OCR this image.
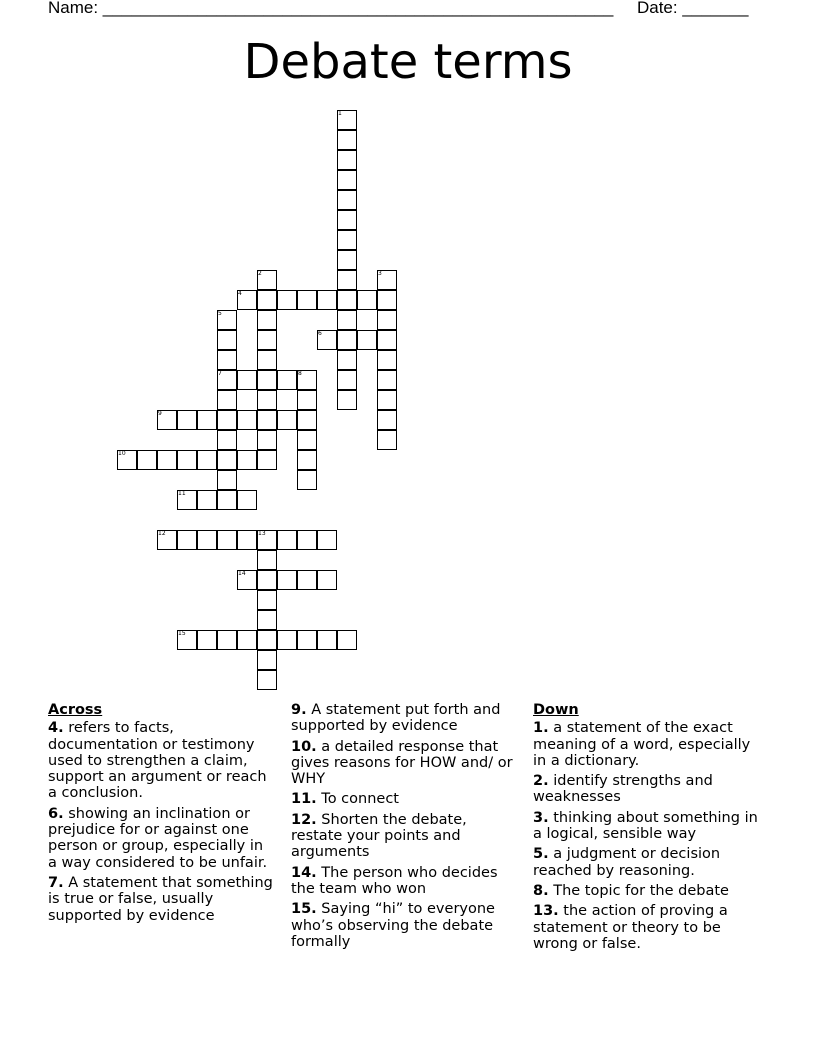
Name: ______________________________________________________     Date: _______
Debate terms
1
2	3
4
5
6
7	8
9
10
11
12	13
14
15
Across
4. refers to facts, documentation or testimony used to strengthen a claim, support an argument or reach a conclusion.
6. showing an inclination or prejudice for or against one person or group, especially in a way considered to be unfair.
7. A statement that something is true or false, usually supported by evidence
9. A statement put forth and supported by evidence
10. a detailed response that gives reasons for HOW and/ or WHY
11. To connect
12. Shorten the debate, restate your points and arguments
14. The person who decides the team who won
15. Saying “hi” to everyone who’s observing the debate formally
Down
1. a statement of the exact meaning of a word, especially in a dictionary.
2. identify strengths and weaknesses
3. thinking about something in a logical, sensible way
5. a judgment or decision reached by reasoning.
8. The topic for the debate
13. the action of proving a statement or theory to be wrong or false.
